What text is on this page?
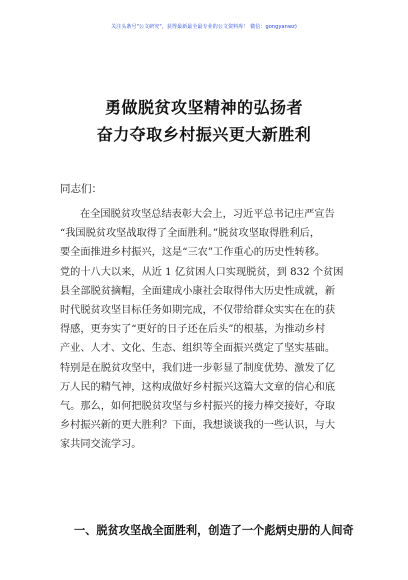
关注头条号"公文研究"，获得最新最全最专业的公文资料库！ 微信：gongyanwz)
勇做脱贫攻坚精神的弘扬者
奋力夺取乡村振兴更大新胜利
同志们：
在全国脱贫攻坚总结表彰大会上，习近平总书记庄严宣告
“我国脱贫攻坚战取得了全面胜利。”脱贫攻坚取得胜利后，
要全面推进乡村振兴，这是“三农”工作重心的历史性转移。
党的十八大以来，从近 1 亿贫困人口实现脱贫，到 832 个贫困
县全部脱贫摘帽，全面建成小康社会取得伟大历史性成就，新
时代脱贫攻坚目标任务如期完成，不仅带给群众实实在在的获
得感，更夯实了“更好的日子还在后头”的根基，为推动乡村
产业、人才、文化、生态、组织等全面振兴奠定了坚实基础。
特别是在脱贫攻坚中，我们进一步彰显了制度优势、激发了亿
万人民的精气神，这构成做好乡村振兴这篇大文章的信心和底
气。那么，如何把脱贫攻坚与乡村振兴的接力棒交接好，夺取
乡村振兴新的更大胜利？下面，我想谈谈我的一些认识，与大
家共同交流学习。
一、脱贫攻坚战全面胜利，创造了一个彪炳史册的人间奇
